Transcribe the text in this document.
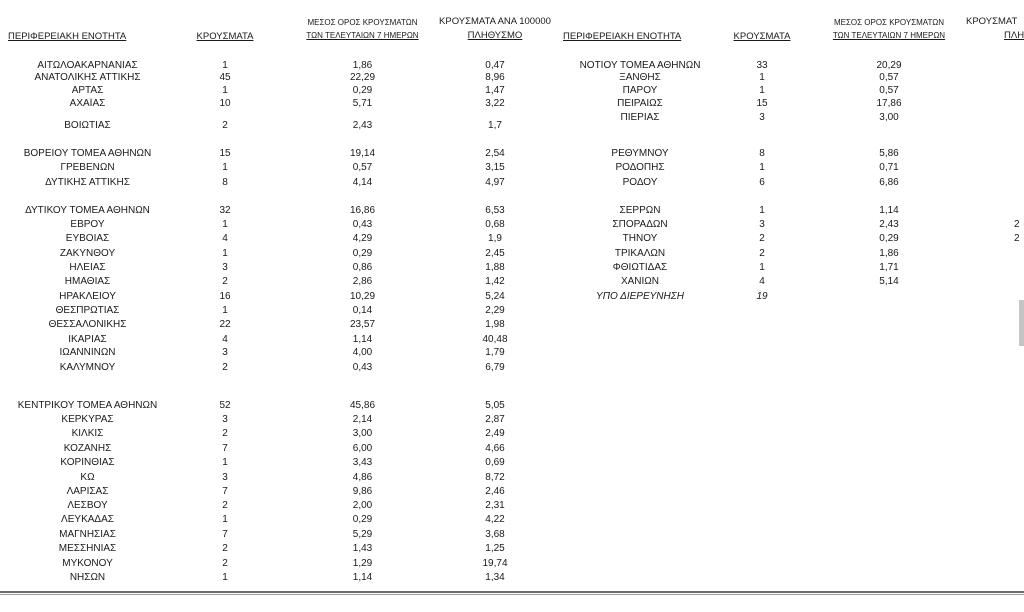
ΠΕΡΙΦΕΡΕΙΑΚΗ ΕΝΟΤΗΤΑ	ΚΡΟΥΣΜΑΤΑ
ΜΕΣΟΣ ΟΡΟΣ ΚΡΟΥΣΜΑΤΩΝ
ΤΩΝ ΤΕΛΕΥΤΑΙΩΝ 7 ΗΜΕΡΩΝ
ΚΡΟΥΣΜΑΤΑ ΑΝΑ 100000
ΠΛΗΘΥΣΜΟ	ΠΕΡΙΦΕΡΕΙΑΚΗ ΕΝΟΤΗΤΑ	ΚΡΟΥΣΜΑΤΑ
ΜΕΣΟΣ ΟΡΟΣ ΚΡΟΥΣΜΑΤΩΝ
ΤΩΝ ΤΕΛΕΥΤΑΙΩΝ 7 ΗΜΕΡΩΝ
ΚΡΟΥΣΜΑΤ
ΠΛΗ
ΑΙΤΩΛΟΑΚΑΡΝΑΝΙΑΣ	1	1,86	0,47
ΑΝΑΤΟΛΙΚΗΣ ΑΤΤΙΚΗΣ	45	22,29	8,96
ΑΡΤΑΣ	1	0,29	1,47
ΑΧΑΪΑΣ	10	5,71	3,22
ΒΟΙΩΤΙΑΣ	2	2,43	1,7
ΒΟΡΕΙΟΥ ΤΟΜΕΑ ΑΘΗΝΩΝ	15	19,14	2,54
ΓΡΕΒΕΝΩΝ	1	0,57	3,15
ΔΥΤΙΚΗΣ ΑΤΤΙΚΗΣ	8	4,14	4,97
ΔΥΤΙΚΟΥ ΤΟΜΕΑ ΑΘΗΝΩΝ	32	16,86	6,53
ΕΒΡΟΥ	1	0,43	0,68
ΕΥΒΟΙΑΣ	4	4,29	1,9
ΖΑΚΥΝΘΟΥ	1	0,29	2,45
ΗΛΕΙΑΣ	3	0,86	1,88
ΗΜΑΘΙΑΣ	2	2,86	1,42
ΗΡΑΚΛΕΙΟΥ	16	10,29	5,24
ΘΕΣΠΡΩΤΙΑΣ	1	0,14	2,29
ΘΕΣΣΑΛΟΝΙΚΗΣ	22	23,57	1,98
ΙΚΑΡΙΑΣ	4	1,14	40,48
ΙΩΑΝΝΙΝΩΝ	3	4,00	1,79
ΚΑΛΥΜΝΟΥ	2	0,43	6,79
ΚΕΝΤΡΙΚΟΥ ΤΟΜΕΑ ΑΘΗΝΩΝ	52	45,86	5,05
ΚΕΡΚΥΡΑΣ	3	2,14	2,87
ΚΙΛΚΙΣ	2	3,00	2,49
ΚΟΖΑΝΗΣ	7	6,00	4,66
ΚΟΡΙΝΘΙΑΣ	1	3,43	0,69
ΚΩ	3	4,86	8,72
ΛΑΡΙΣΑΣ	7	9,86	2,46
ΛΕΣΒΟΥ	2	2,00	2,31
ΛΕΥΚΑΔΑΣ	1	0,29	4,22
ΜΑΓΝΗΣΙΑΣ	7	5,29	3,68
ΜΕΣΣΗΝΙΑΣ	2	1,43	1,25
ΜΥΚΟΝΟΥ	2	1,29	19,74
ΝΗΣΩΝ	1	1,14	1,34
ΝΟΤΙΟΥ ΤΟΜΕΑ ΑΘΗΝΩΝ	33	20,29
ΞΑΝΘΗΣ	1	0,57
ΠΑΡΟΥ	1	0,57
ΠΕΙΡΑΙΩΣ	15	17,86
ΠΙΕΡΙΑΣ	3	3,00
ΡΕΘΥΜΝΟΥ	8	5,86
ΡΟΔΟΠΗΣ	1	0,71
ΡΟΔΟΥ	6	6,86
ΣΕΡΡΩΝ	1	1,14
ΣΠΟΡΑΔΩΝ	3	2,43	2
ΤΗΝΟΥ	2	0,29	2
ΤΡΙΚΑΛΩΝ	2	1,86
ΦΘΙΩΤΙΔΑΣ	1	1,71
ΧΑΝΙΩΝ	4	5,14
ΥΠΟ ΔΙΕΡΕΥΝΗΣΗ	19
